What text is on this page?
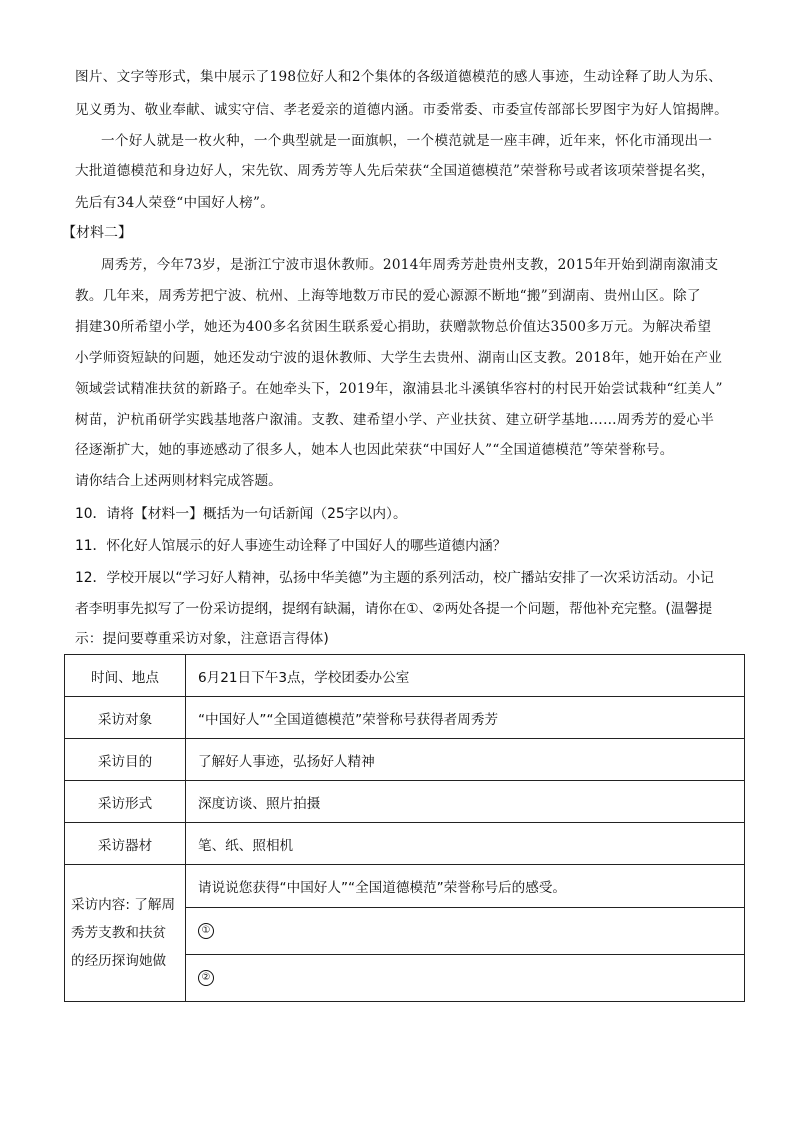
图片、文字等形式，集中展示了198位好人和2个集体的各级道德模范的感人事迹，生动诠释了助人为乐、
见义勇为、敬业奉献、诚实守信、孝老爱亲的道德内涵。市委常委、市委宣传部部长罗图宇为好人馆揭牌。
一个好人就是一枚火种，一个典型就是一面旗帜，一个模范就是一座丰碑，近年来，怀化市涌现出一
大批道德模范和身边好人，宋先钦、周秀芳等人先后荣获“全国道德模范”荣誉称号或者该项荣誉提名奖，
先后有34人荣登“中国好人榜”。
【材料二】
周秀芳，今年73岁，是浙江宁波市退休教师。2014年周秀芳赴贵州支教，2015年开始到湖南溆浦支
教。几年来，周秀芳把宁波、杭州、上海等地数万市民的爱心源源不断地“搬”到湖南、贵州山区。除了
捐建30所希望小学，她还为400多名贫困生联系爱心捐助，获赠款物总价值达3500多万元。为解决希望
小学师资短缺的问题，她还发动宁波的退休教师、大学生去贵州、湖南山区支教。2018年，她开始在产业
领域尝试精准扶贫的新路子。在她牵头下，2019年，溆浦县北斗溪镇华容村的村民开始尝试栽种“红美人”
树苗，沪杭甬研学实践基地落户溆浦。支教、建希望小学、产业扶贫、建立研学基地……周秀芳的爱心半
径逐渐扩大，她的事迹感动了很多人，她本人也因此荣获“中国好人”“全国道德模范”等荣誉称号。
请你结合上述两则材料完成答题。
10．请将【材料一】概括为一句话新闻（25字以内）。
11．怀化好人馆展示的好人事迹生动诠释了中国好人的哪些道德内涵？
12．学校开展以“学习好人精神，弘扬中华美德”为主题的系列活动，校广播站安排了一次采访活动。小记
者李明事先拟写了一份采访提纲，提纲有缺漏，请你在①、②两处各提一个问题，帮他补充完整。(温馨提
示：提问要尊重采访对象，注意语言得体)
时间、地点	6月21日下午3点，学校团委办公室
采访对象	“中国好人”“全国道德模范”荣誉称号获得者周秀芳
采访目的	了解好人事迹，弘扬好人精神
采访形式	深度访谈、照片拍摄
采访器材	笔、纸、照相机
采访内容: 了解周秀芳支教和扶贫的经历探询她做	请说说您获得“中国好人”“全国道德模范”荣誉称号后的感受。
	①
	②
